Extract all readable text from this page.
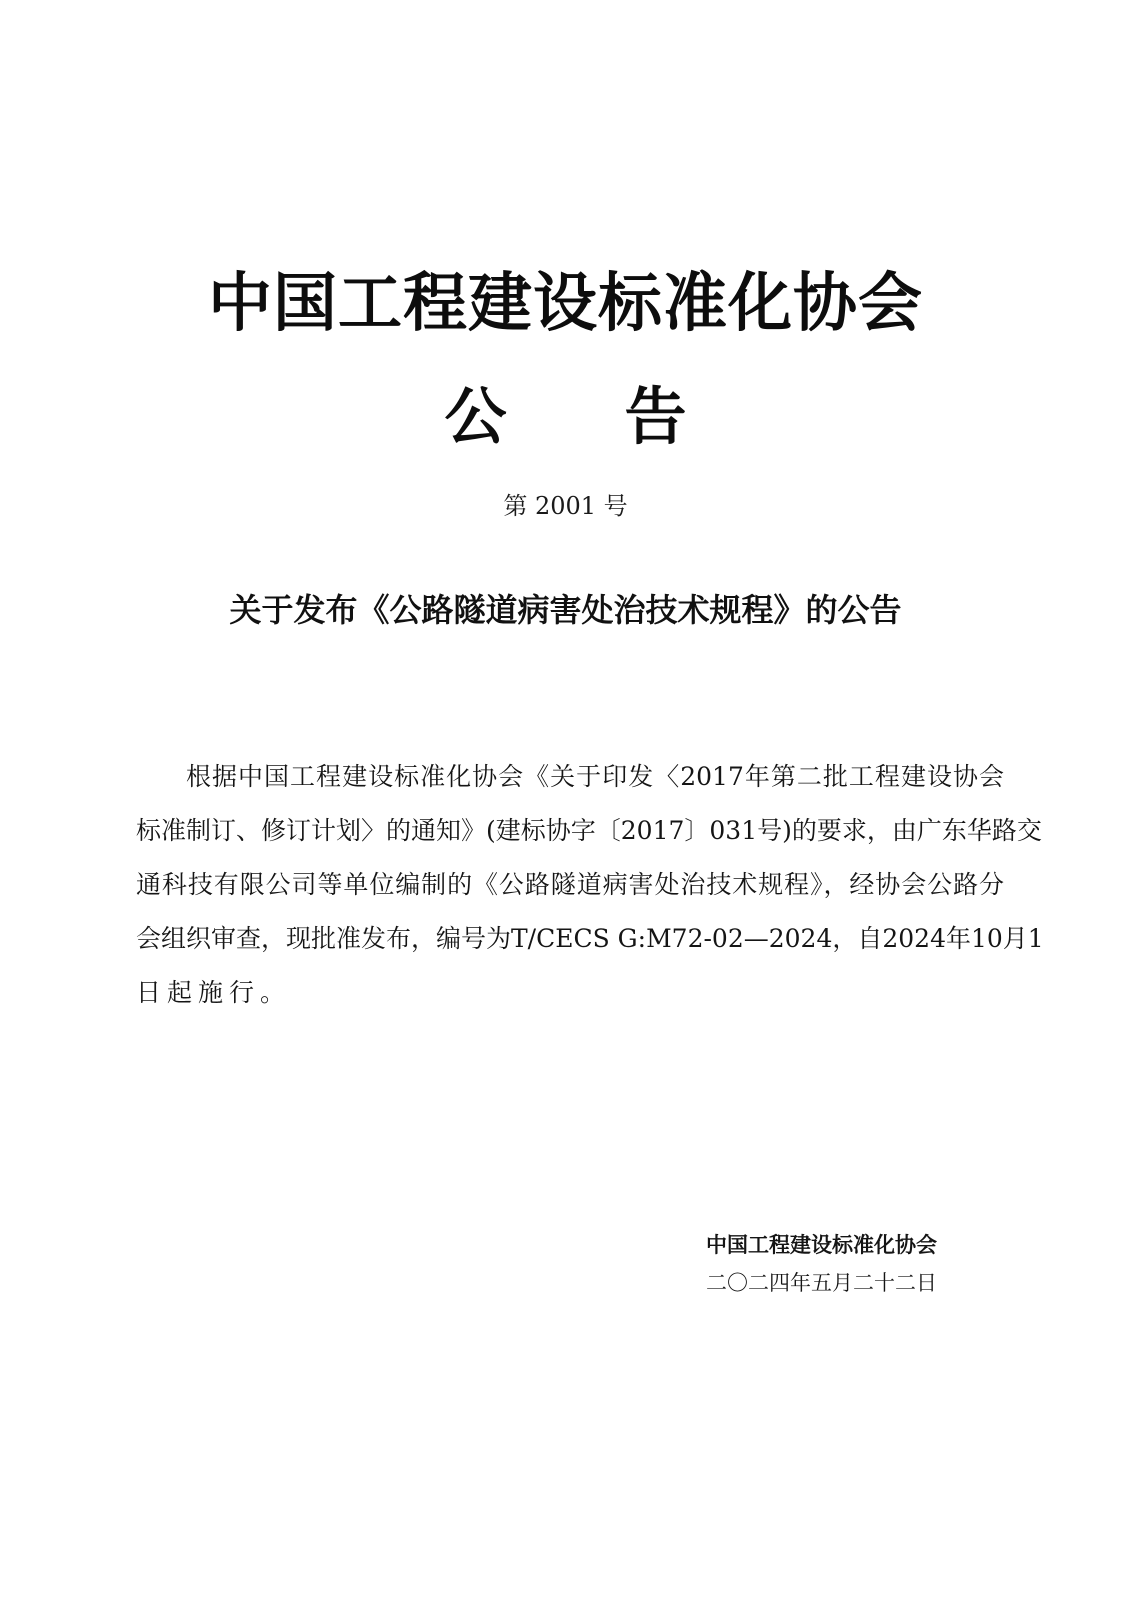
中国工程建设标准化协会
公 告
第 2001 号
关于发布《公路隧道病害处治技术规程》的公告
根据中国工程建设标准化协会《关于印发〈2017年第二批工程建设协会
标准制订、修订计划〉的通知》(建标协字〔2017〕031号)的要求，由广东华路交
通科技有限公司等单位编制的《公路隧道病害处治技术规程》，经协会公路分
会组织审查，现批准发布，编号为T/CECS G:M72-02—2024，自2024年10月1
日起施行。
中国工程建设标准化协会
二〇二四年五月二十二日
